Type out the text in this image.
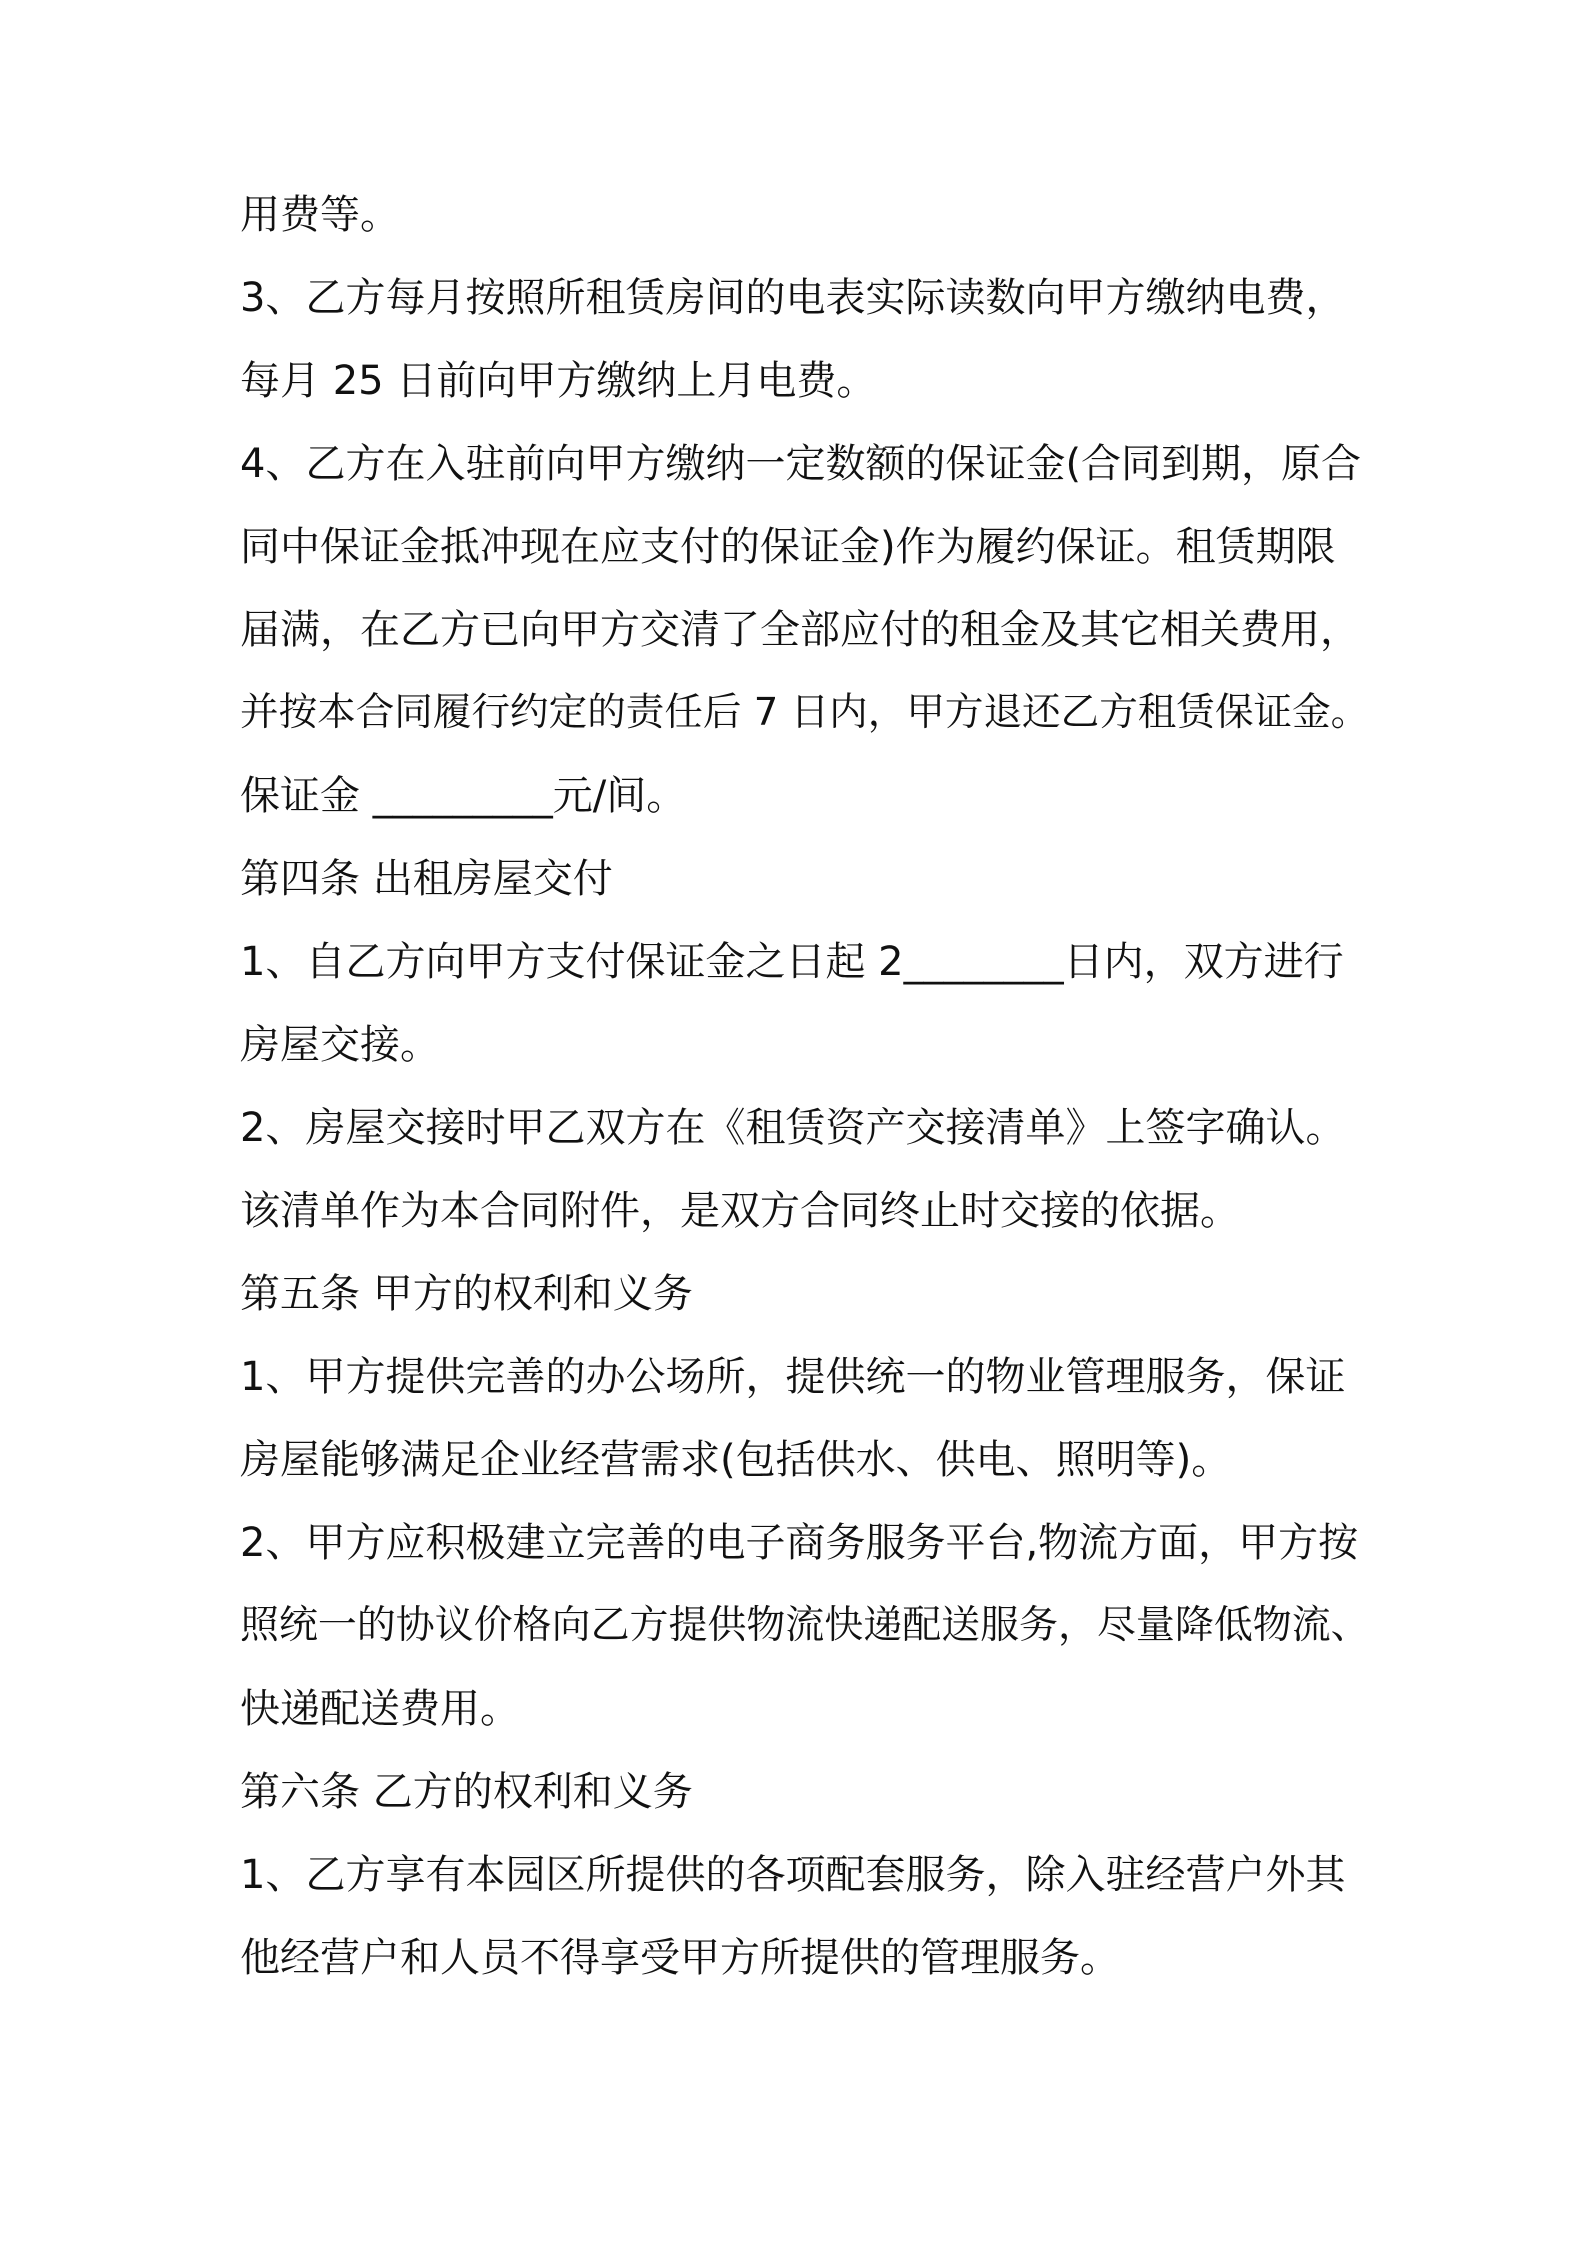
用费等。
3、乙方每月按照所租赁房间的电表实际读数向甲方缴纳电费，
每月 25 日前向甲方缴纳上月电费。
4、乙方在入驻前向甲方缴纳一定数额的保证金(合同到期，原合
同中保证金抵冲现在应支付的保证金)作为履约保证。租赁期限
届满，在乙方已向甲方交清了全部应付的租金及其它相关费用，
并按本合同履行约定的责任后 7 日内，甲方退还乙方租赁保证金。
保证金 _________元/间。
第四条 出租房屋交付
1、自乙方向甲方支付保证金之日起 2________日内，双方进行
房屋交接。
2、房屋交接时甲乙双方在《租赁资产交接清单》上签字确认。
该清单作为本合同附件，是双方合同终止时交接的依据。
第五条 甲方的权利和义务
1、甲方提供完善的办公场所，提供统一的物业管理服务，保证
房屋能够满足企业经营需求(包括供水、供电、照明等)。
2、甲方应积极建立完善的电子商务服务平台,物流方面，甲方按
照统一的协议价格向乙方提供物流快递配送服务，尽量降低物流、
快递配送费用。
第六条 乙方的权利和义务
1、乙方享有本园区所提供的各项配套服务，除入驻经营户外其
他经营户和人员不得享受甲方所提供的管理服务。
